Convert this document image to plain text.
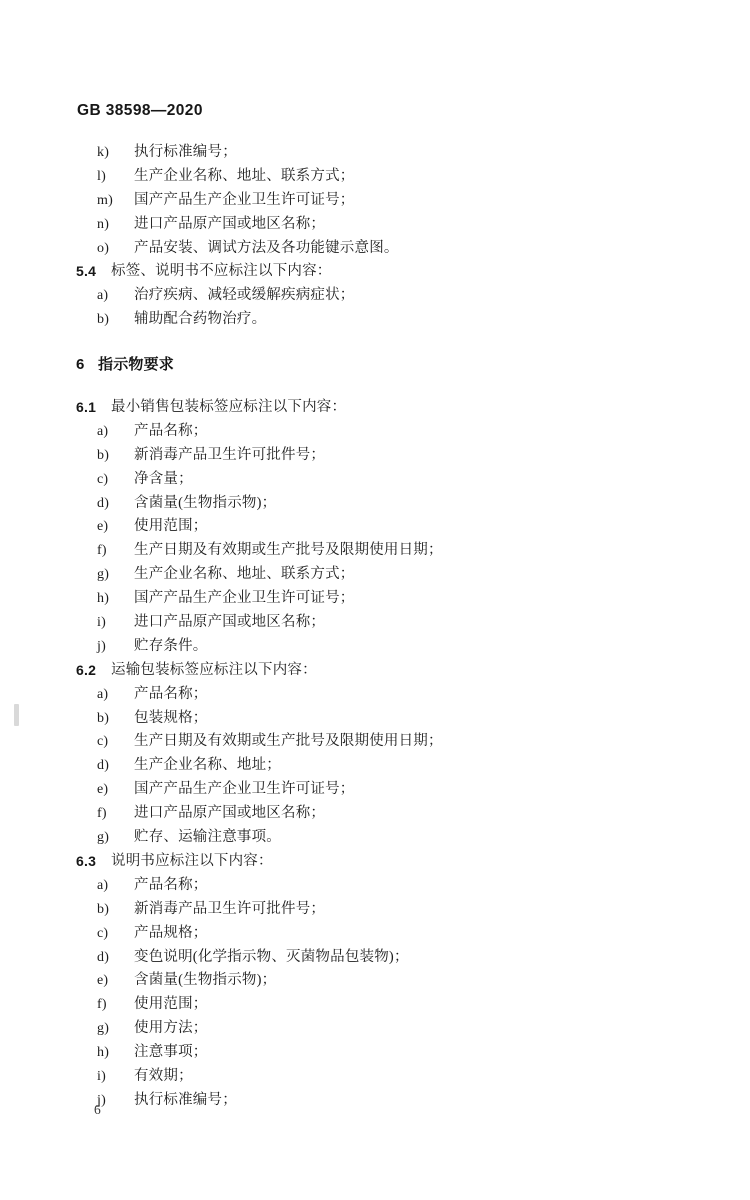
GB 38598—2020
k)	执行标准编号；
l)	生产企业名称、地址、联系方式；
m)	国产产品生产企业卫生许可证号；
n)	进口产品原产国或地区名称；
o)	产品安装、调试方法及各功能键示意图。
5.4	标签、说明书不应标注以下内容：
a)	治疗疾病、减轻或缓解疾病症状；
b)	辅助配合药物治疗。
6 指示物要求
6.1	最小销售包装标签应标注以下内容：
a)	产品名称；
b)	新消毒产品卫生许可批件号；
c)	净含量；
d)	含菌量(生物指示物)；
e)	使用范围；
f)	生产日期及有效期或生产批号及限期使用日期；
g)	生产企业名称、地址、联系方式；
h)	国产产品生产企业卫生许可证号；
i)	进口产品原产国或地区名称；
j)	贮存条件。
6.2	运输包装标签应标注以下内容：
a)	产品名称；
b)	包装规格；
c)	生产日期及有效期或生产批号及限期使用日期；
d)	生产企业名称、地址；
e)	国产产品生产企业卫生许可证号；
f)	进口产品原产国或地区名称；
g)	贮存、运输注意事项。
6.3	说明书应标注以下内容：
a)	产品名称；
b)	新消毒产品卫生许可批件号；
c)	产品规格；
d)	变色说明(化学指示物、灭菌物品包装物)；
e)	含菌量(生物指示物)；
f)	使用范围；
g)	使用方法；
h)	注意事项；
i)	有效期；
j)	执行标准编号；
6
